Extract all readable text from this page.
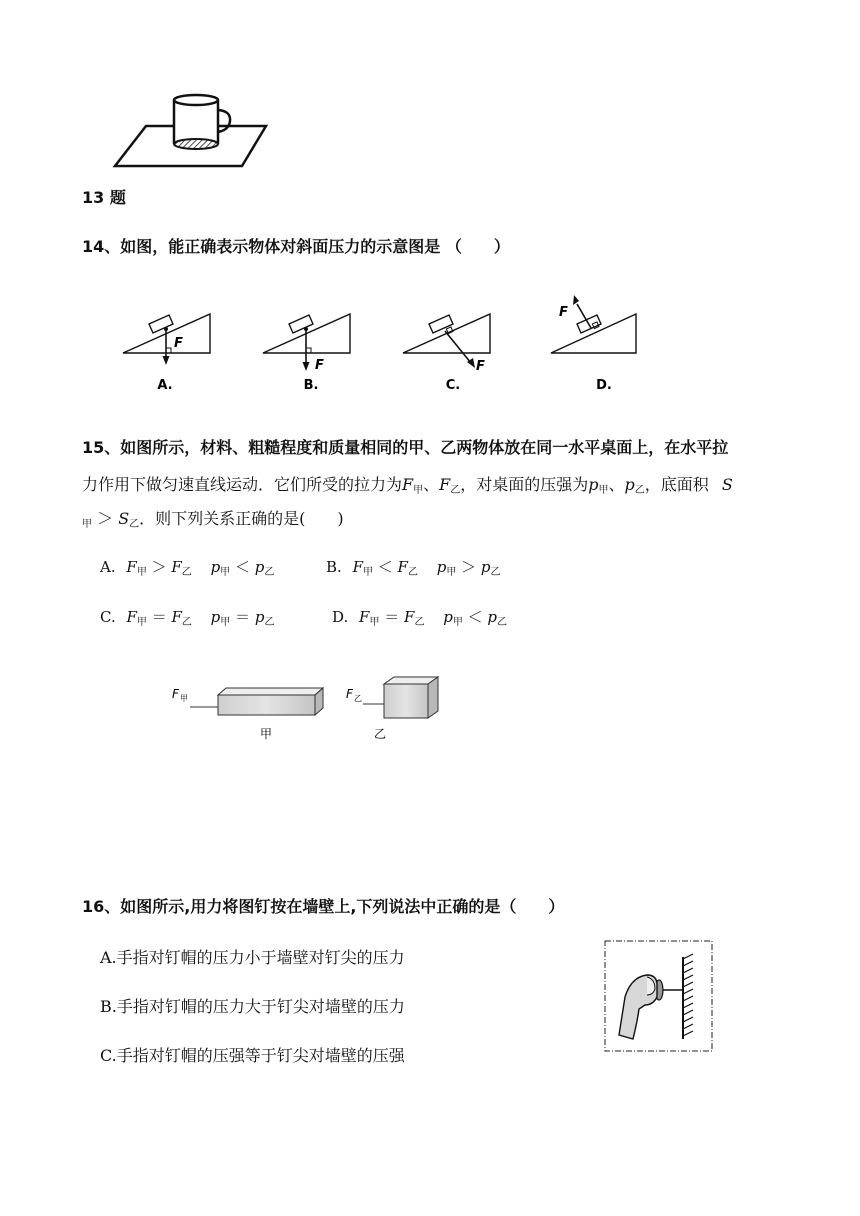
13 题
14、如图，能正确表示物体对斜面压力的示意图是 （　　）
F
A.
F
B.
F
C.
F
D.
15、如图所示，材料、粗糙程度和质量相同的甲、乙两物体放在同一水平桌面上，在水平拉
力作用下做匀速直线运动．它们所受的拉力为$F_甲$、$F_乙$，对桌面的压强为$p_甲$、$p_乙$，底面积 S
$_甲 > S_乙$．则下列关系正确的是(　　)
A. $F_甲 > F_乙$ $p_甲 < p_乙$	B. $F_甲 < F_乙$ $p_甲 > p_乙$
C. $F_甲 = F_乙$ $p_甲 = p_乙$	D. $F_甲 = F_乙$ $p_甲 < p_乙$
F 甲	F 乙
甲	乙
16、如图所示,用力将图钉按在墙壁上,下列说法中正确的是（　　）
A.手指对钉帽的压力小于墙壁对钉尖的压力
B.手指对钉帽的压力大于钉尖对墙壁的压力
C.手指对钉帽的压强等于钉尖对墙壁的压强
